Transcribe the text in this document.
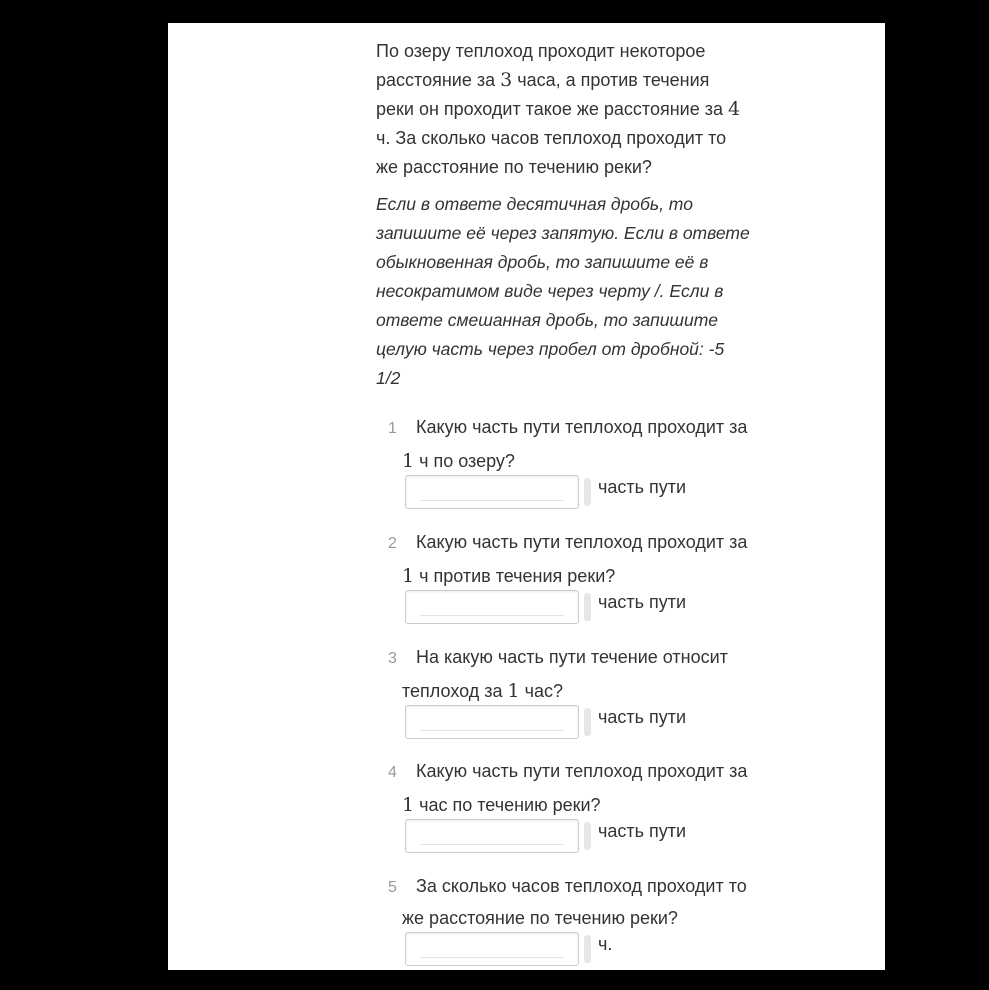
По озеру теплоход проходит некоторое расстояние за 3 часа, а против течения реки он проходит такое же расстояние за 4 ч. За сколько часов теплоход проходит то же расстояние по течению реки?

Если в ответе десятичная дробь, то запишите её через запятую. Если в ответе обыкновенная дробь, то запишите её в несократимом виде через черту /. Если в ответе смешанная дробь, то запишите целую часть через пробел от дробной: -5 1/2

1 Какую часть пути теплоход проходит за
1 ч по озеру?
часть пути
2 Какую часть пути теплоход проходит за
1 ч против течения реки?
часть пути
3 На какую часть пути течение относит
теплоход за 1 час?
часть пути
4 Какую часть пути теплоход проходит за
1 час по течению реки?
часть пути
5 За сколько часов теплоход проходит то
же расстояние по течению реки?
ч.
